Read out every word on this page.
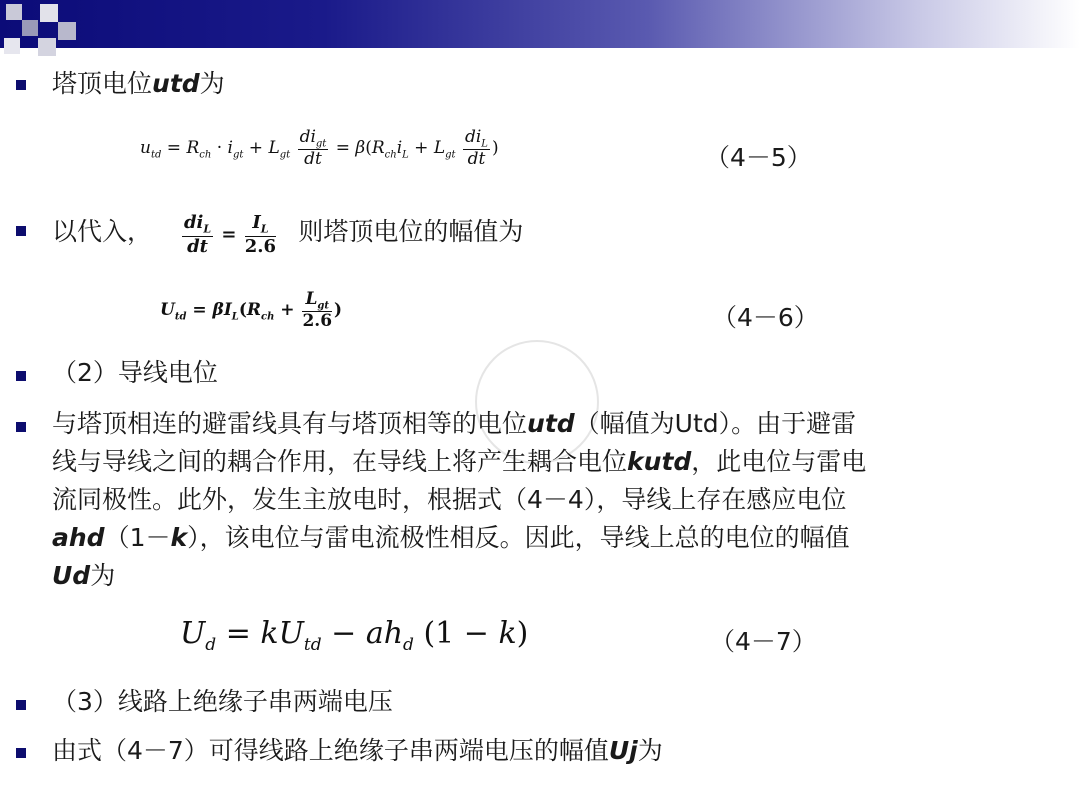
塔顶电位utd为
$u_{td} = R_{ch} \cdot i_{gt} + L_{gt} \frac{di_{gt}}{dt} = \beta(R_{ch}i_L + L_{gt} \frac{di_L}{dt}$ )	（4－5）
以代入， $\frac{di_L}{dt} = \frac{I_L}{2.6}$ 则塔顶电位的幅值为
$U_{td} = \beta I_L(R_{ch} + \frac{L_{gt}}{2.6}$ )	（4－6）
（2）导线电位
与塔顶相连的避雷线具有与塔顶相等的电位utd（幅值为Utd）。由于避雷
线与导线之间的耦合作用，在导线上将产生耦合电位kutd，此电位与雷电
流同极性。此外，发生主放电时，根据式（4－4），导线上存在感应电位
ahd（1－k），该电位与雷电流极性相反。因此，导线上总的电位的幅值
Ud为
$U_d = kU_{td} - ah_d$ (1 − k)	（4－7）
（3）线路上绝缘子串两端电压
由式（4－7）可得线路上绝缘子串两端电压的幅值Uj为
